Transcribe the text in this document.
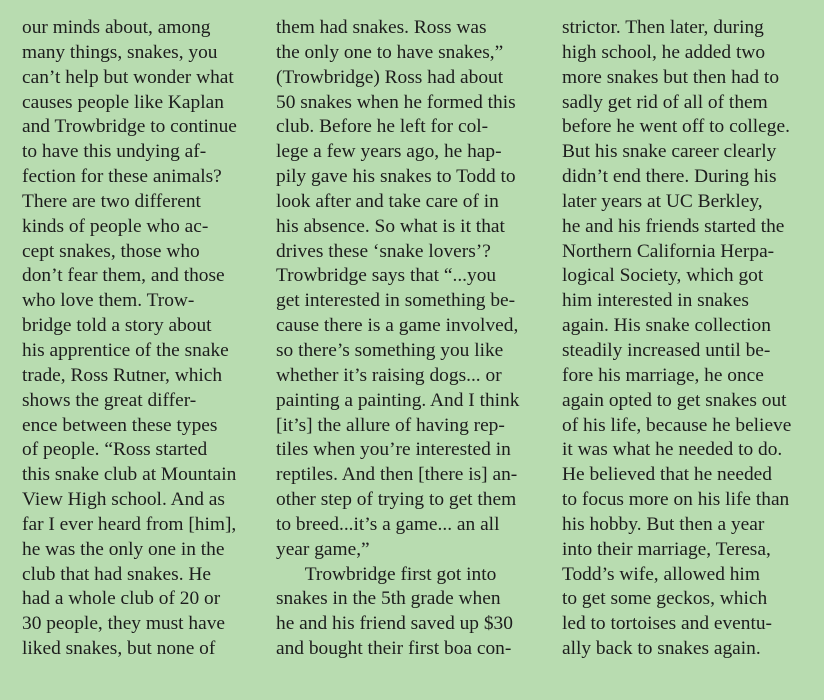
our minds about, among
many things, snakes, you
can’t help but wonder what
causes people like Kaplan
and Trowbridge to continue
to have this undying af-
fection for these animals?
There are two different
kinds of people who ac-
cept snakes, those who
don’t fear them, and those
who love them. Trow-
bridge told a story about
his apprentice of the snake
trade, Ross Rutner, which
shows the great differ-
ence between these types
of people. “Ross started
this snake club at Mountain
View High school. And as
far I ever heard from [him],
he was the only one in the
club that had snakes. He
had a whole club of 20 or
30 people, they must have
liked snakes, but none of
them had snakes. Ross was
the only one to have snakes,”
(Trowbridge) Ross had about
50 snakes when he formed this
club. Before he left for col-
lege a few years ago, he hap-
pily gave his snakes to Todd to
look after and take care of in
his absence. So what is it that
drives these ‘snake lovers’?
Trowbridge says that “...you
get interested in something be-
cause there is a game involved,
so there’s something you like
whether it’s raising dogs... or
painting a painting. And I think
[it’s] the allure of having rep-
tiles when you’re interested in
reptiles. And then [there is] an-
other step of trying to get them
to breed...it’s a game... an all
year game,”
Trowbridge first got into
snakes in the 5th grade when
he and his friend saved up $30
and bought their first boa con-
strictor. Then later, during
high school, he added two
more snakes but then had to
sadly get rid of all of them
before he went off to college.
But his snake career clearly
didn’t end there. During his
later years at UC Berkley,
he and his friends started the
Northern California Herpa-
logical Society, which got
him interested in snakes
again. His snake collection
steadily increased until be-
fore his marriage, he once
again opted to get snakes out
of his life, because he believe
it was what he needed to do.
He believed that he needed
to focus more on his life than
his hobby. But then a year
into their marriage, Teresa,
Todd’s wife, allowed him
to get some geckos, which
led to tortoises and eventu-
ally back to snakes again.
